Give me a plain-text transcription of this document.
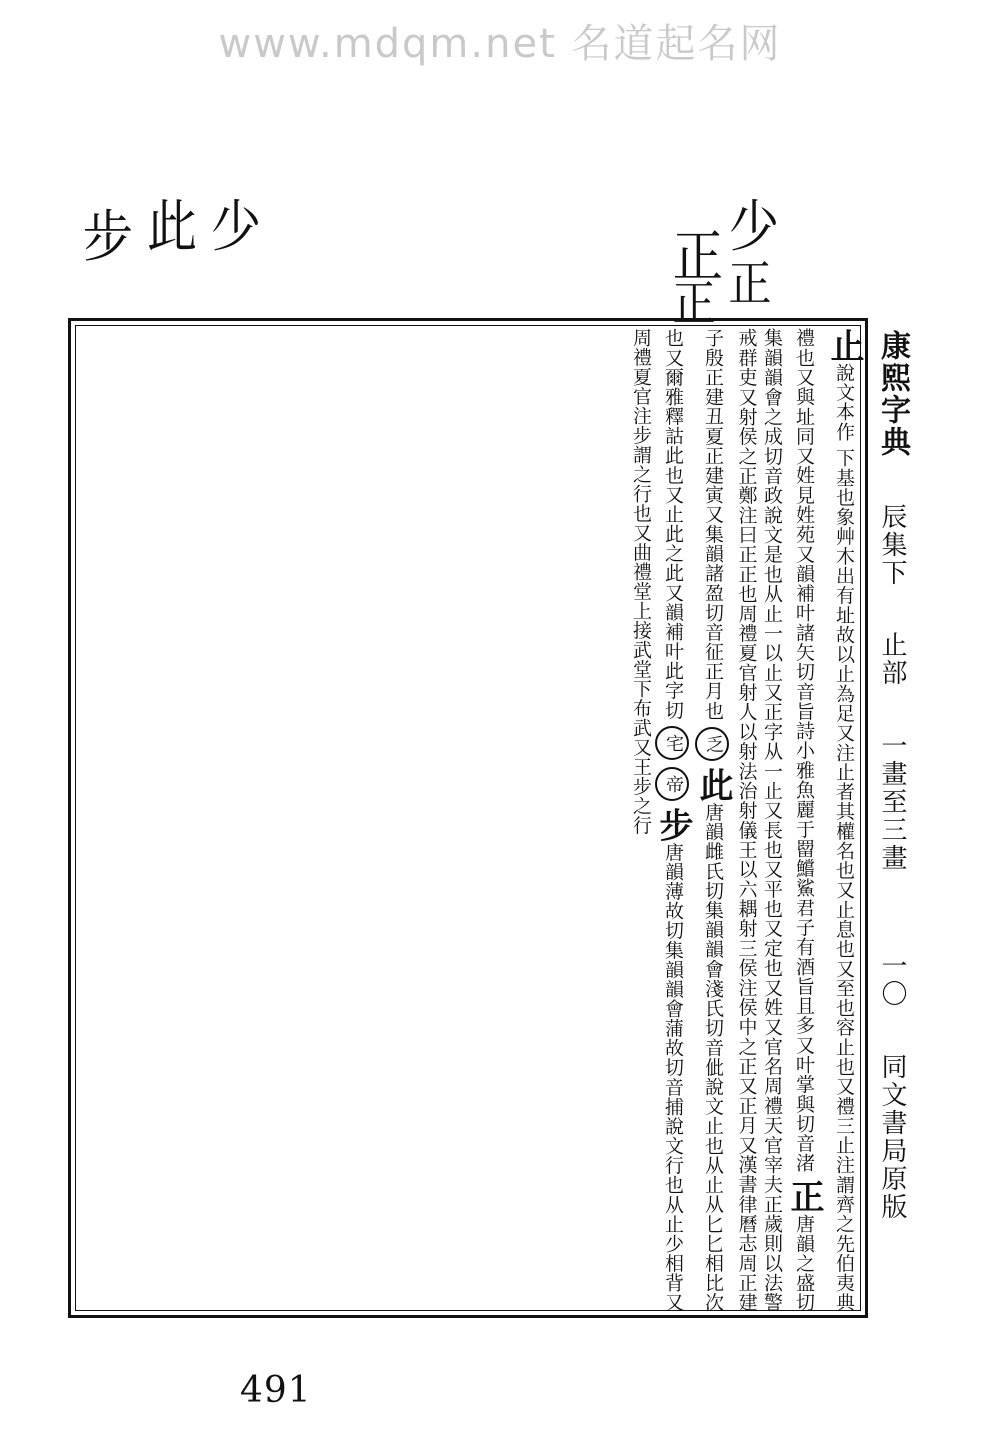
www.mdqm.net 名道起名网
步 此 少	正 少
正 正
康熙字典  辰集下  止部  一畫至三畫  一〇  同文書局原版
止說文本作 下基也象艸木出有址故以止為足又注止者其權名也又止息也又至也容止也又禮三止注謂齊之先伯夷典禮也又與址同又姓見姓苑又韻補叶諸矢切音旨詩小雅魚麗于罶鱨鯊君子有酒旨且多又叶掌與切音渚 正唐韻之盛切集韻韻會之成切音政說文是也从止一以止又正字从一止又長也又平也又定也又姓又官名周禮天官宰夫正歲則以法警戒群吏又射侯之正鄭注曰正正也周禮夏官射人以射法治射儀王以六耦射三侯注侯中之正又正月又漢書律曆志周正建子殷正建丑夏正建寅又集韻諸盈切音征正月也 乏 此唐韻雌氏切集韻韻會淺氏切音佌說文止也从止从匕匕相比次也又爾雅釋詁此也又止此之此又韻補叶此字切 宅 帝 步唐韻薄故切集韻韻會蒲故切音捕說文行也从止少相背又周禮夏官注步謂之行也又曲禮堂上接武堂下布武又王步之行
491
